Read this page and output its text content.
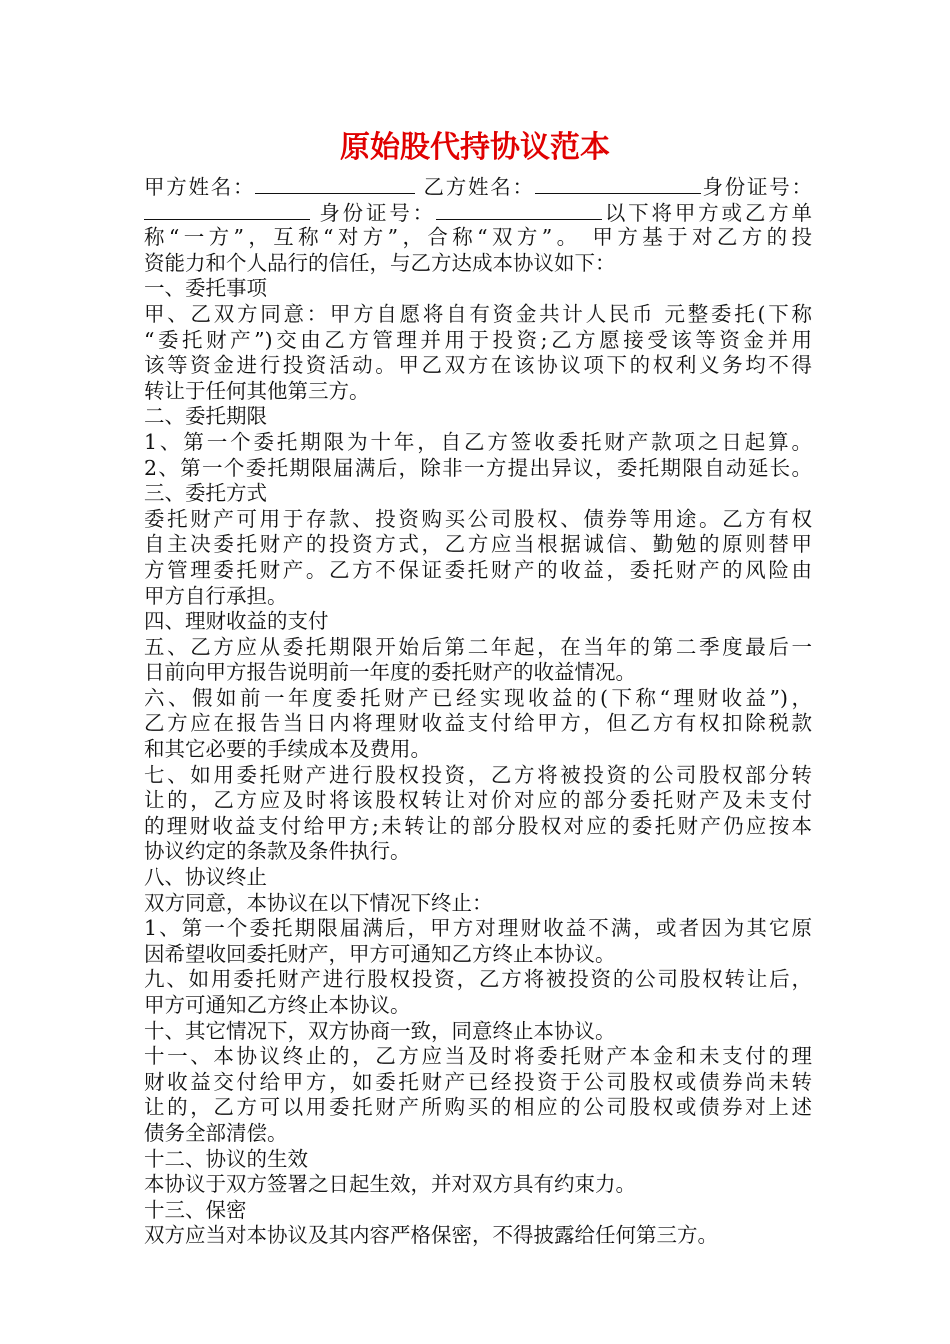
原始股代持协议范本
甲方姓名：	乙方姓名：	身份证号：
身份证号：	以下将甲方或乙方单
称“一方”，互称“对方”，合称“双方”。 甲方基于对乙方的投
资能力和个人品行的信任，与乙方达成本协议如下：
一、委托事项
甲、乙双方同意：甲方自愿将自有资金共计人民币 元整委托(下称
“委托财产”)交由乙方管理并用于投资;乙方愿接受该等资金并用
该等资金进行投资活动。甲乙双方在该协议项下的权利义务均不得
转让于任何其他第三方。
二、委托期限
1、第一个委托期限为十年，自乙方签收委托财产款项之日起算。
2、第一个委托期限届满后，除非一方提出异议，委托期限自动延长。
三、委托方式
委托财产可用于存款、投资购买公司股权、债券等用途。乙方有权
自主决委托财产的投资方式，乙方应当根据诚信、勤勉的原则替甲
方管理委托财产。乙方不保证委托财产的收益，委托财产的风险由
甲方自行承担。
四、理财收益的支付
五、乙方应从委托期限开始后第二年起，在当年的第二季度最后一
日前向甲方报告说明前一年度的委托财产的收益情况。
六、假如前一年度委托财产已经实现收益的(下称“理财收益”)，
乙方应在报告当日内将理财收益支付给甲方，但乙方有权扣除税款
和其它必要的手续成本及费用。
七、如用委托财产进行股权投资，乙方将被投资的公司股权部分转
让的，乙方应及时将该股权转让对价对应的部分委托财产及未支付
的理财收益支付给甲方;未转让的部分股权对应的委托财产仍应按本
协议约定的条款及条件执行。
八、协议终止
双方同意，本协议在以下情况下终止：
1、第一个委托期限届满后，甲方对理财收益不满，或者因为其它原
因希望收回委托财产，甲方可通知乙方终止本协议。
九、如用委托财产进行股权投资，乙方将被投资的公司股权转让后，
甲方可通知乙方终止本协议。
十、其它情况下，双方协商一致，同意终止本协议。
十一、本协议终止的，乙方应当及时将委托财产本金和未支付的理
财收益交付给甲方，如委托财产已经投资于公司股权或债券尚未转
让的，乙方可以用委托财产所购买的相应的公司股权或债券对上述
债务全部清偿。
十二、协议的生效
本协议于双方签署之日起生效，并对双方具有约束力。
十三、保密
双方应当对本协议及其内容严格保密，不得披露给任何第三方。
